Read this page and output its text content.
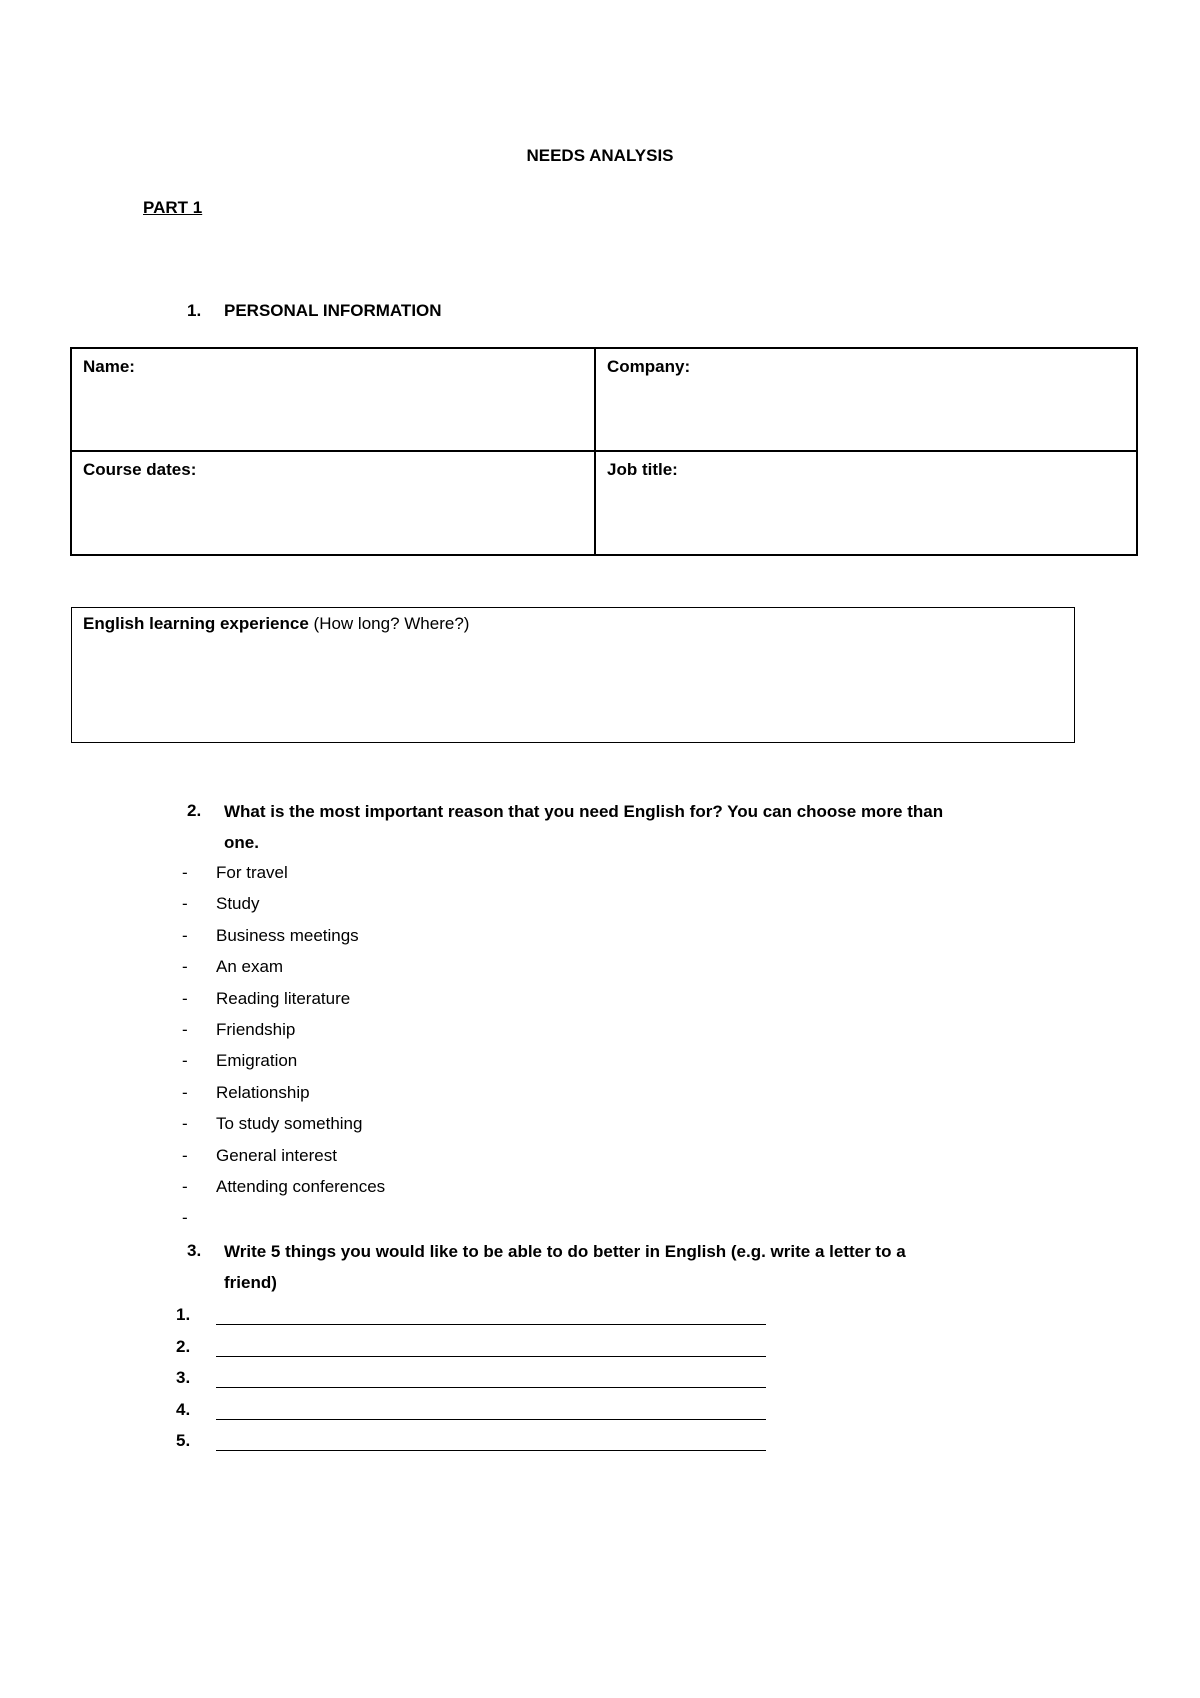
NEEDS ANALYSIS
PART 1
1. PERSONAL INFORMATION
Name:	Company:
Course dates:	Job title:
English learning experience (How long? Where?)
2. What is the most important reason that you need English for? You can choose more than
one.
- For travel
- Study
- Business meetings
- An exam
- Reading literature
- Friendship
- Emigration
- Relationship
- To study something
- General interest
- Attending conferences
-
3. Write 5 things you would like to be able to do better in English (e.g. write a letter to a
friend)
1.
2.
3.
4.
5.
